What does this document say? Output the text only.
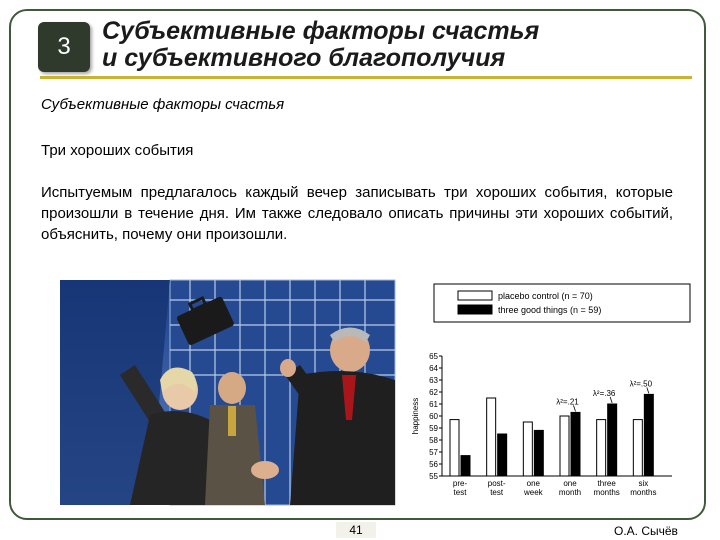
3
Субъективные факторы счастья
и субъективного благополучия
Субъективные факторы счастья
Три хороших события
Испытуемым предлагалось каждый вечер записывать три хороших события, которые произошли в течение дня. Им также следовало описать причины эти хороших событий, объяснить, почему они произошли.
placebo control (n = 70)
three good things (n = 59)
55
56
57
58
59
60
61
62
63
64
65
happiness
pre-
test
post-
test
one
week
one
month
three
months
six
months
λ²=.21
λ²=.36
λ²=.50
41	О.А. Сычёв
